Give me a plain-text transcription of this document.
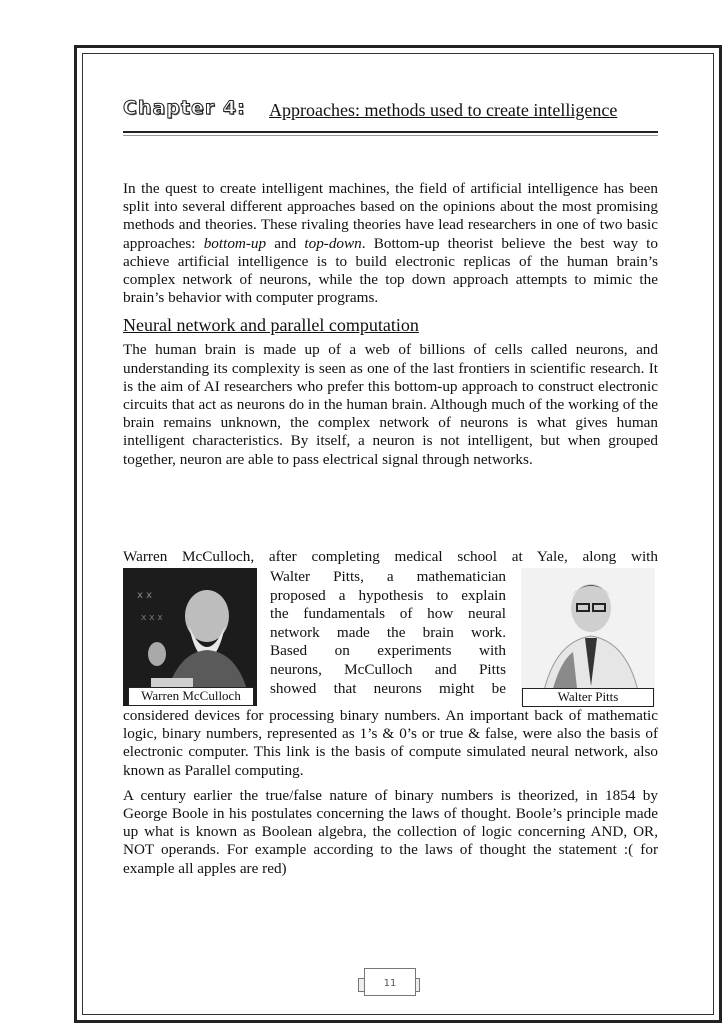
Chapter 4: Approaches: methods used to create intelligence

In the quest to create intelligent machines, the field of artificial intelligence has been split into several different approaches based on the opinions about the most promising methods and theories. These rivaling theories have lead researchers in one of two basic approaches: bottom-up and top-down. Bottom-up theorist believe the best way to achieve artificial intelligence is to build electronic replicas of the human brain’s complex network of neurons, while the top down approach attempts to mimic the brain’s behavior with computer programs.

Neural network and parallel computation

The human brain is made up of a web of billions of cells called neurons, and understanding its complexity is seen as one of the last frontiers in scientific research. It is the aim of AI researchers who prefer this bottom-up approach to construct electronic circuits that act as neurons do in the human brain. Although much of the working of the brain remains unknown, the complex network of neurons is what gives human intelligent characteristics. By itself, a neuron is not intelligent, but when grouped together, neuron are able to pass electrical signal through networks.

Warren McCulloch, after completing medical school at Yale, along with

x x
x x x
Warren McCulloch
Walter Pitts, a mathematician
proposed a hypothesis to explain
the fundamentals of how neural
network made the brain work.
Based on experiments with
neurons, McCulloch and Pitts
showed that neurons might be	Walter Pitts

considered devices for processing binary numbers. An important back of mathematic logic, binary numbers, represented as 1’s & 0’s or true & false, were also the basis of electronic computer. This link is the basis of compute simulated neural network, also known as Parallel computing.

A century earlier the true/false nature of binary numbers is theorized, in 1854 by George Boole in his postulates concerning the laws of thought. Boole’s principle made up what is known as Boolean algebra, the collection of logic concerning AND, OR, NOT operands. For example according to the laws of thought the statement :( for example all apples are red)

11
